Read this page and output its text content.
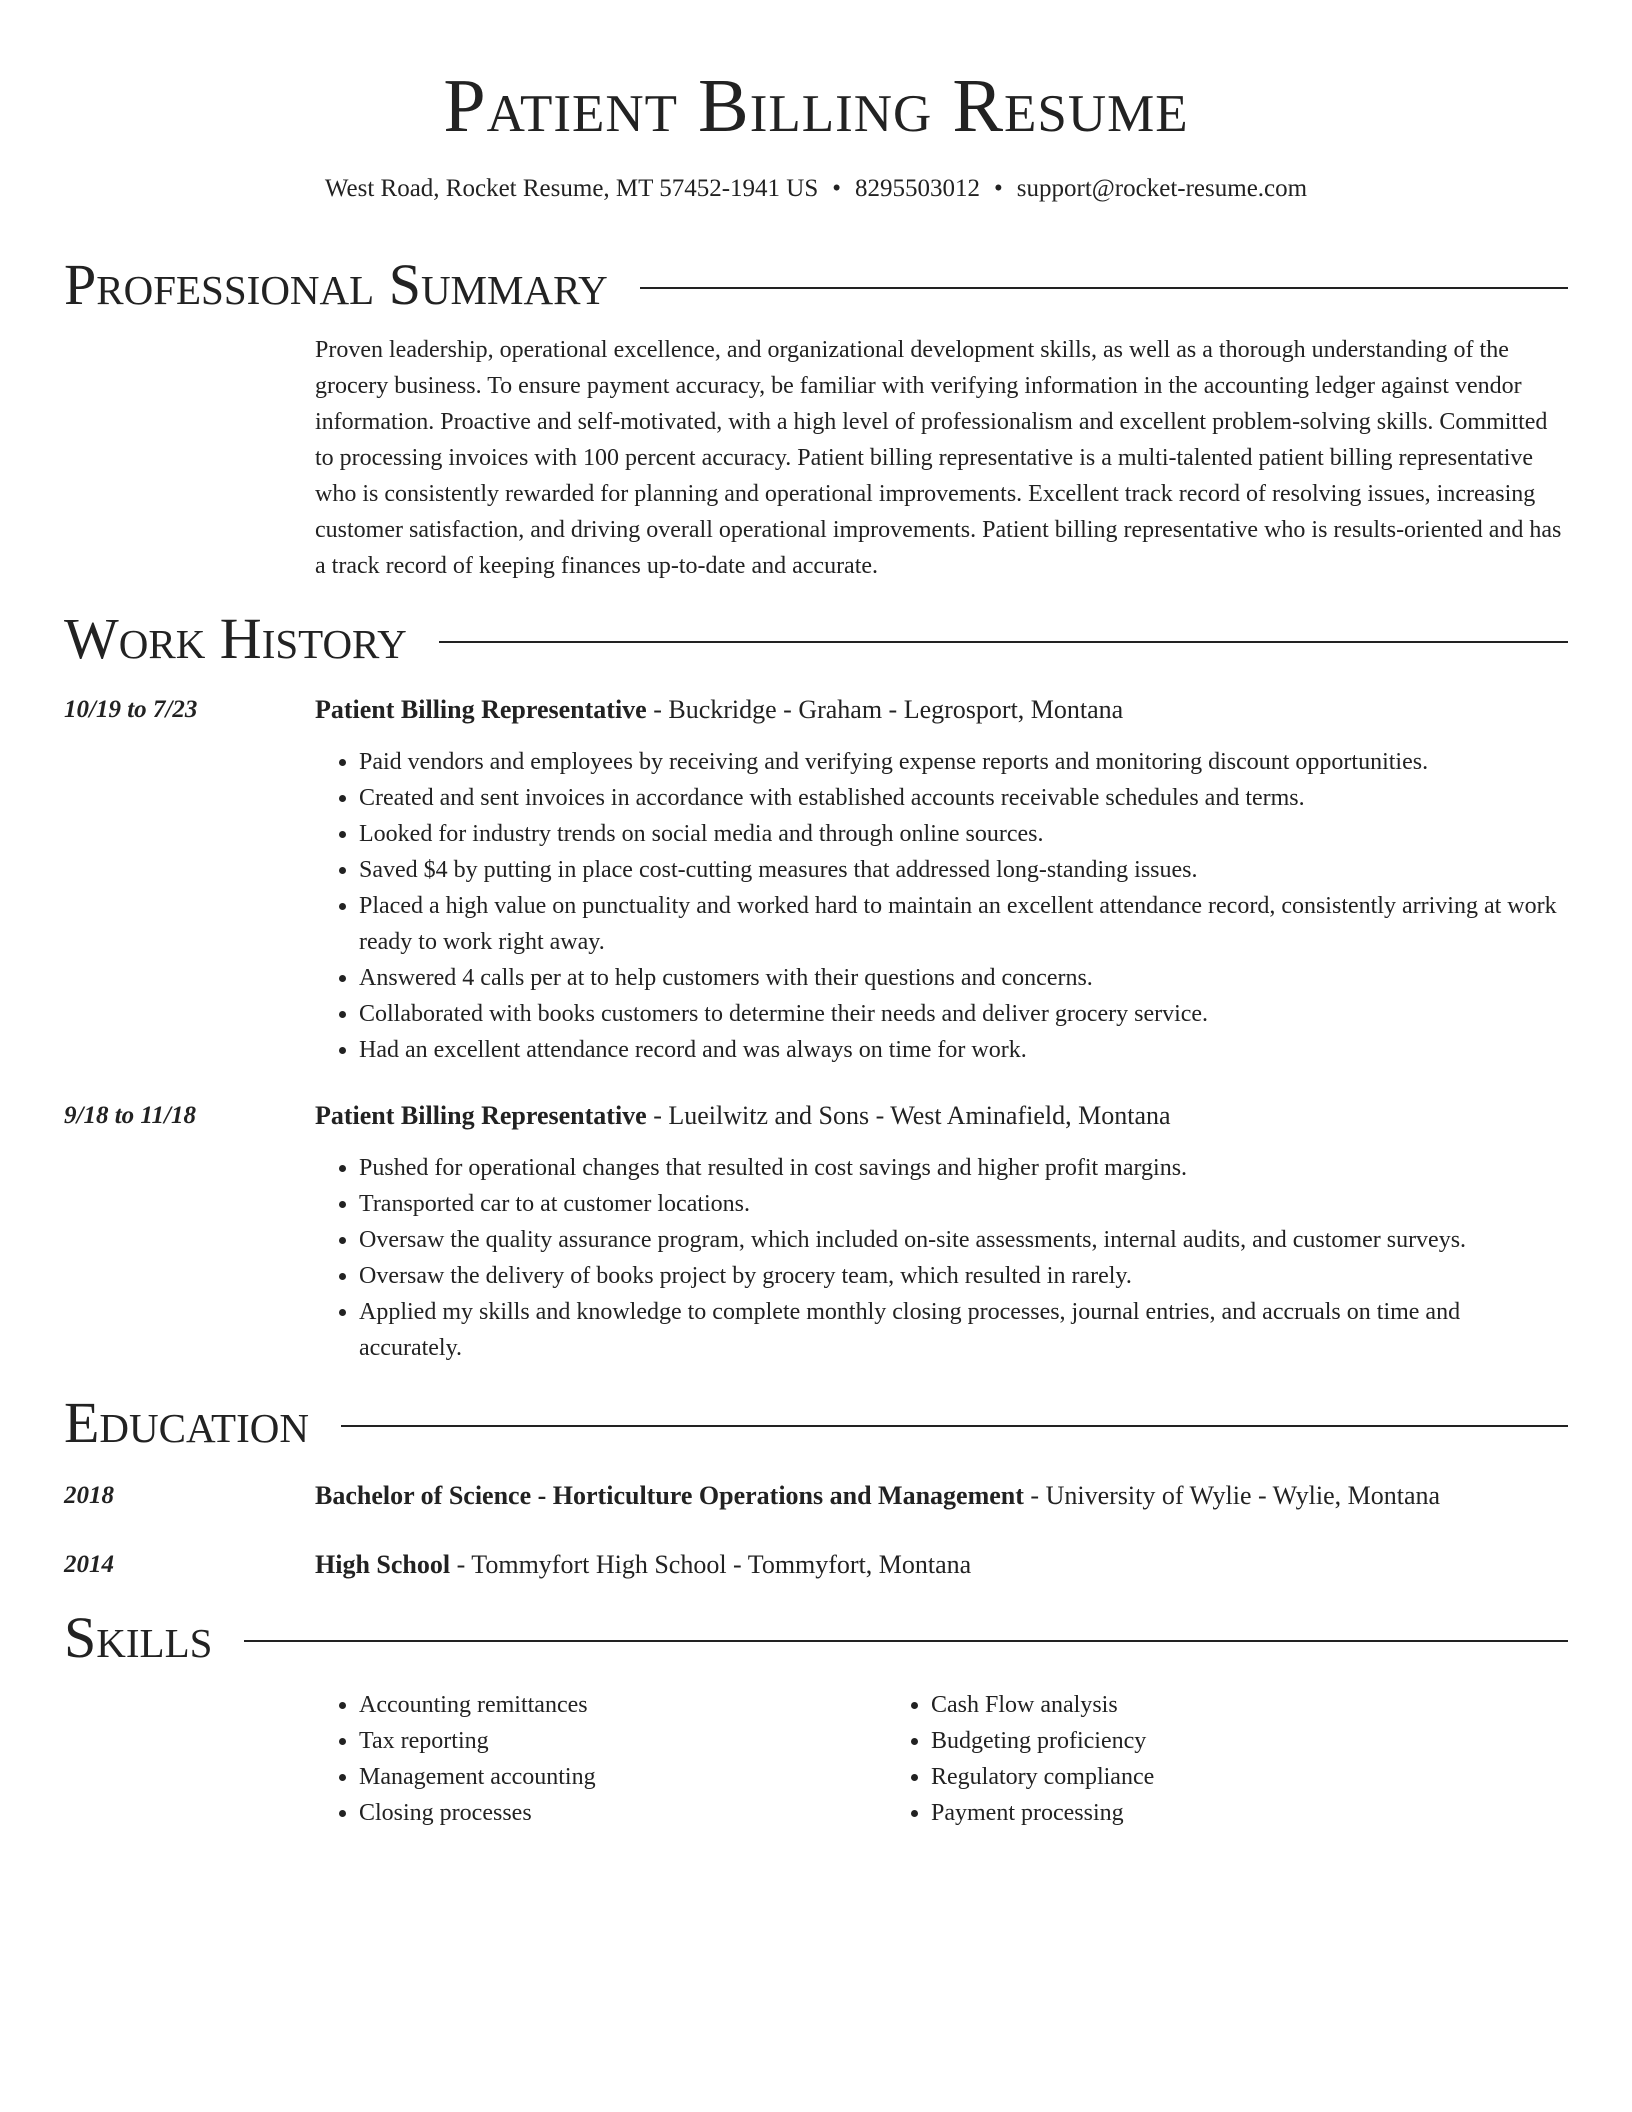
Patient Billing Resume
West Road, Rocket Resume, MT 57452-1941 US • 8295503012 • support@rocket-resume.com
Professional Summary
Proven leadership, operational excellence, and organizational development skills, as well as a thorough understanding of the grocery business. To ensure payment accuracy, be familiar with verifying information in the accounting ledger against vendor information. Proactive and self-motivated, with a high level of professionalism and excellent problem-solving skills. Committed to processing invoices with 100 percent accuracy. Patient billing representative is a multi-talented patient billing representative who is consistently rewarded for planning and operational improvements. Excellent track record of resolving issues, increasing customer satisfaction, and driving overall operational improvements. Patient billing representative who is results-oriented and has a track record of keeping finances up-to-date and accurate.
Work History
10/19 to 7/23	Patient Billing Representative - Buckridge - Graham - Legrosport, Montana
• Paid vendors and employees by receiving and verifying expense reports and monitoring discount opportunities.
• Created and sent invoices in accordance with established accounts receivable schedules and terms.
• Looked for industry trends on social media and through online sources.
• Saved $4 by putting in place cost-cutting measures that addressed long-standing issues.
• Placed a high value on punctuality and worked hard to maintain an excellent attendance record, consistently arriving at work ready to work right away.
• Answered 4 calls per at to help customers with their questions and concerns.
• Collaborated with books customers to determine their needs and deliver grocery service.
• Had an excellent attendance record and was always on time for work.
9/18 to 11/18	Patient Billing Representative - Lueilwitz and Sons - West Aminafield, Montana
• Pushed for operational changes that resulted in cost savings and higher profit margins.
• Transported car to at customer locations.
• Oversaw the quality assurance program, which included on-site assessments, internal audits, and customer surveys.
• Oversaw the delivery of books project by grocery team, which resulted in rarely.
• Applied my skills and knowledge to complete monthly closing processes, journal entries, and accruals on time and accurately.
Education
2018	Bachelor of Science - Horticulture Operations and Management - University of Wylie - Wylie, Montana
2014	High School - Tommyfort High School - Tommyfort, Montana
Skills
• Accounting remittances
• Tax reporting
• Management accounting
• Closing processes
• Cash Flow analysis
• Budgeting proficiency
• Regulatory compliance
• Payment processing
